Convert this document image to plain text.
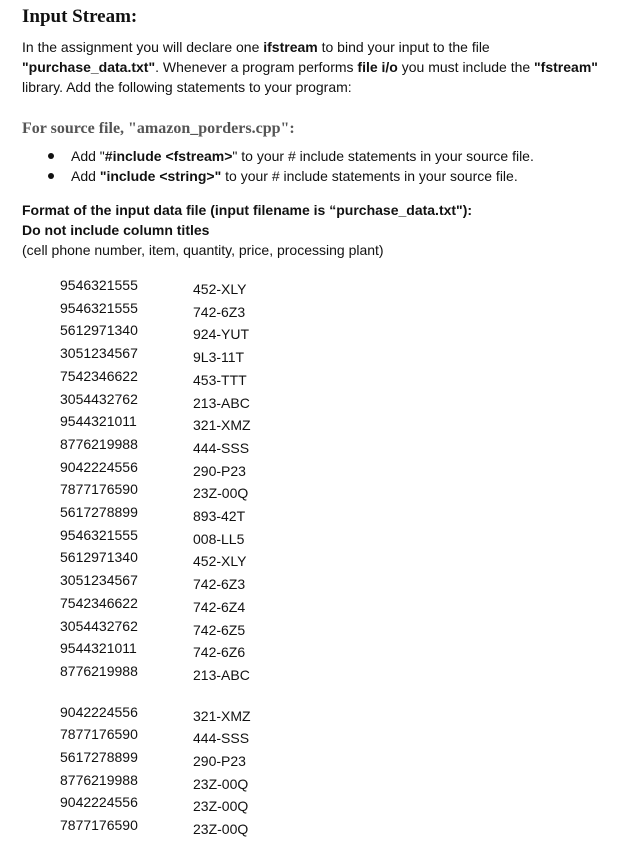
Input Stream:

In the assignment you will declare one ifstream to bind your input to the file "purchase_data.txt". Whenever a program performs file i/o you must include the "fstream" library. Add the following statements to your program:

For source file, "amazon_porders.cpp":
Add "#include <fstream>" to your # include statements in your source file.
Add "include <string>" to your # include statements in your source file.
Format of the input data file (input filename is “purchase_data.txt"):
Do not include column titles
(cell phone number, item, quantity, price, processing plant)
9546321555	452-XLY
9546321555	742-6Z3
5612971340	924-YUT
3051234567	9L3-11T
7542346622	453-TTT
3054432762	213-ABC
9544321011	321-XMZ
8776219988	444-SSS
9042224556	290-P23
7877176590	23Z-00Q
5617278899	893-42T
9546321555	008-LL5
5612971340	452-XLY
3051234567	742-6Z3
7542346622	742-6Z4
3054432762	742-6Z5
9544321011	742-6Z6
8776219988	213-ABC
9042224556	321-XMZ
7877176590	444-SSS
5617278899	290-P23
8776219988	23Z-00Q
9042224556	23Z-00Q
7877176590	23Z-00Q
